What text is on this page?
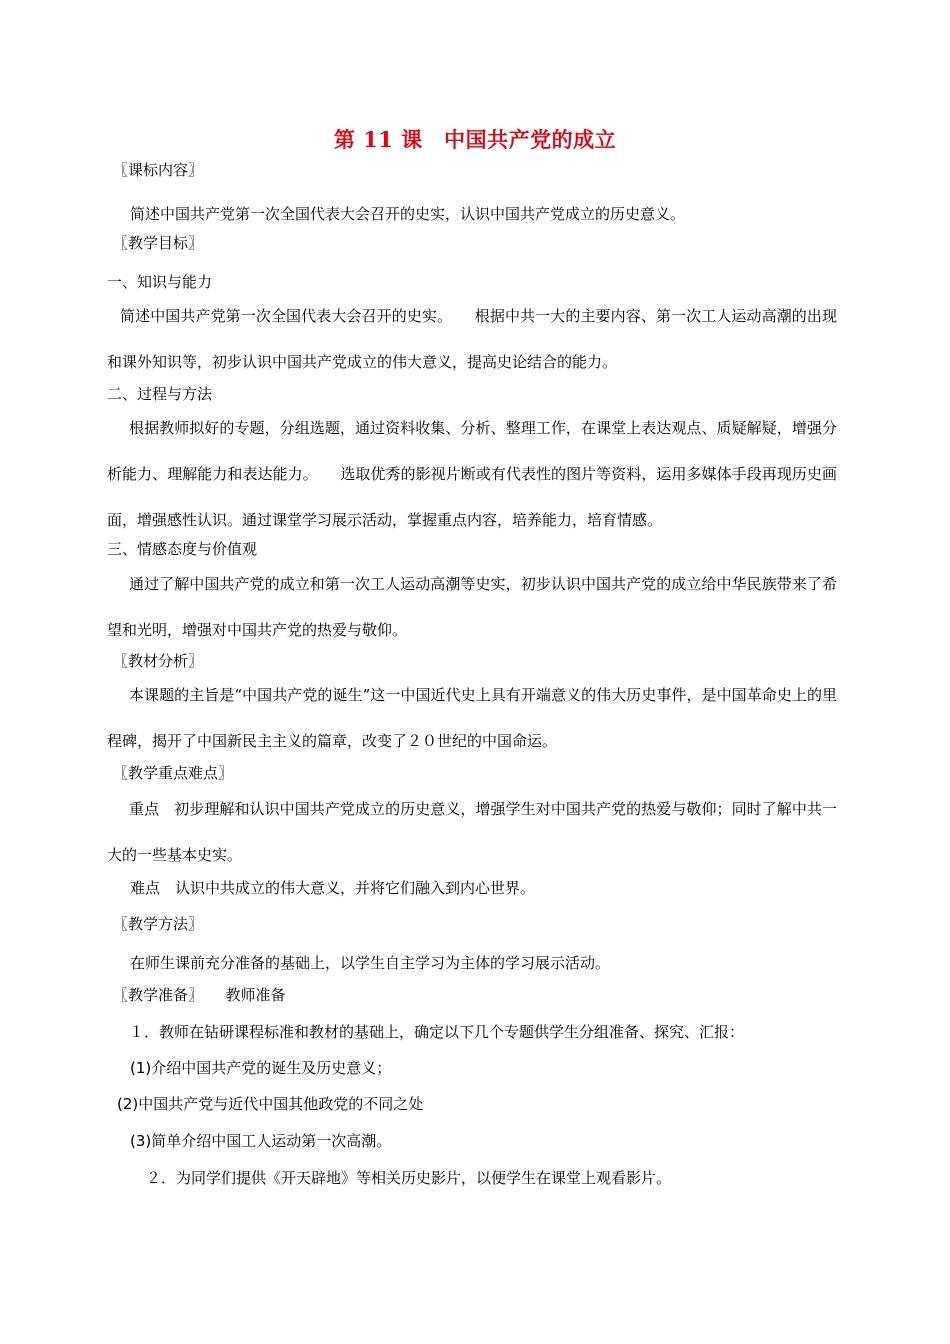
第 11 课　中国共产党的成立
〖课标内容〗
简述中国共产党第一次全国代表大会召开的史实，认识中国共产党成立的历史意义。
〖教学目标〗
一、知识与能力
简述中国共产党第一次全国代表大会召开的史实。　　根据中共一大的主要内容、第一次工人运动高潮的出现和课外知识等，初步认识中国共产党成立的伟大意义，提高史论结合的能力。
二、过程与方法
根据教师拟好的专题，分组选题，通过资料收集、分析、整理工作，在课堂上表达观点、质疑解疑，增强分析能力、理解能力和表达能力。　　选取优秀的影视片断或有代表性的图片等资料，运用多媒体手段再现历史画面，增强感性认识。通过课堂学习展示活动，掌握重点内容，培养能力，培育情感。
三、情感态度与价值观
通过了解中国共产党的成立和第一次工人运动高潮等史实，初步认识中国共产党的成立给中华民族带来了希望和光明，增强对中国共产党的热爱与敬仰。
〖教材分析〗
本课题的主旨是“中国共产党的诞生”这一中国近代史上具有开端意义的伟大历史事件，是中国革命史上的里程碑，揭开了中国新民主主义的篇章，改变了２０世纪的中国命运。
〖教学重点难点〗
重点　初步理解和认识中国共产党成立的历史意义，增强学生对中国共产党的热爱与敬仰；同时了解中共一大的一些基本史实。
难点　认识中共成立的伟大意义，并将它们融入到内心世界。
〖教学方法〗
在师生课前充分准备的基础上，以学生自主学习为主体的学习展示活动。
〖教学准备〗　　教师准备
１．教师在钻研课程标准和教材的基础上，确定以下几个专题供学生分组准备、探究、汇报：
(1)介绍中国共产党的诞生及历史意义；
(2)中国共产党与近代中国其他政党的不同之处
(3)简单介绍中国工人运动第一次高潮。
２．为同学们提供《开天辟地》等相关历史影片，以便学生在课堂上观看影片。
